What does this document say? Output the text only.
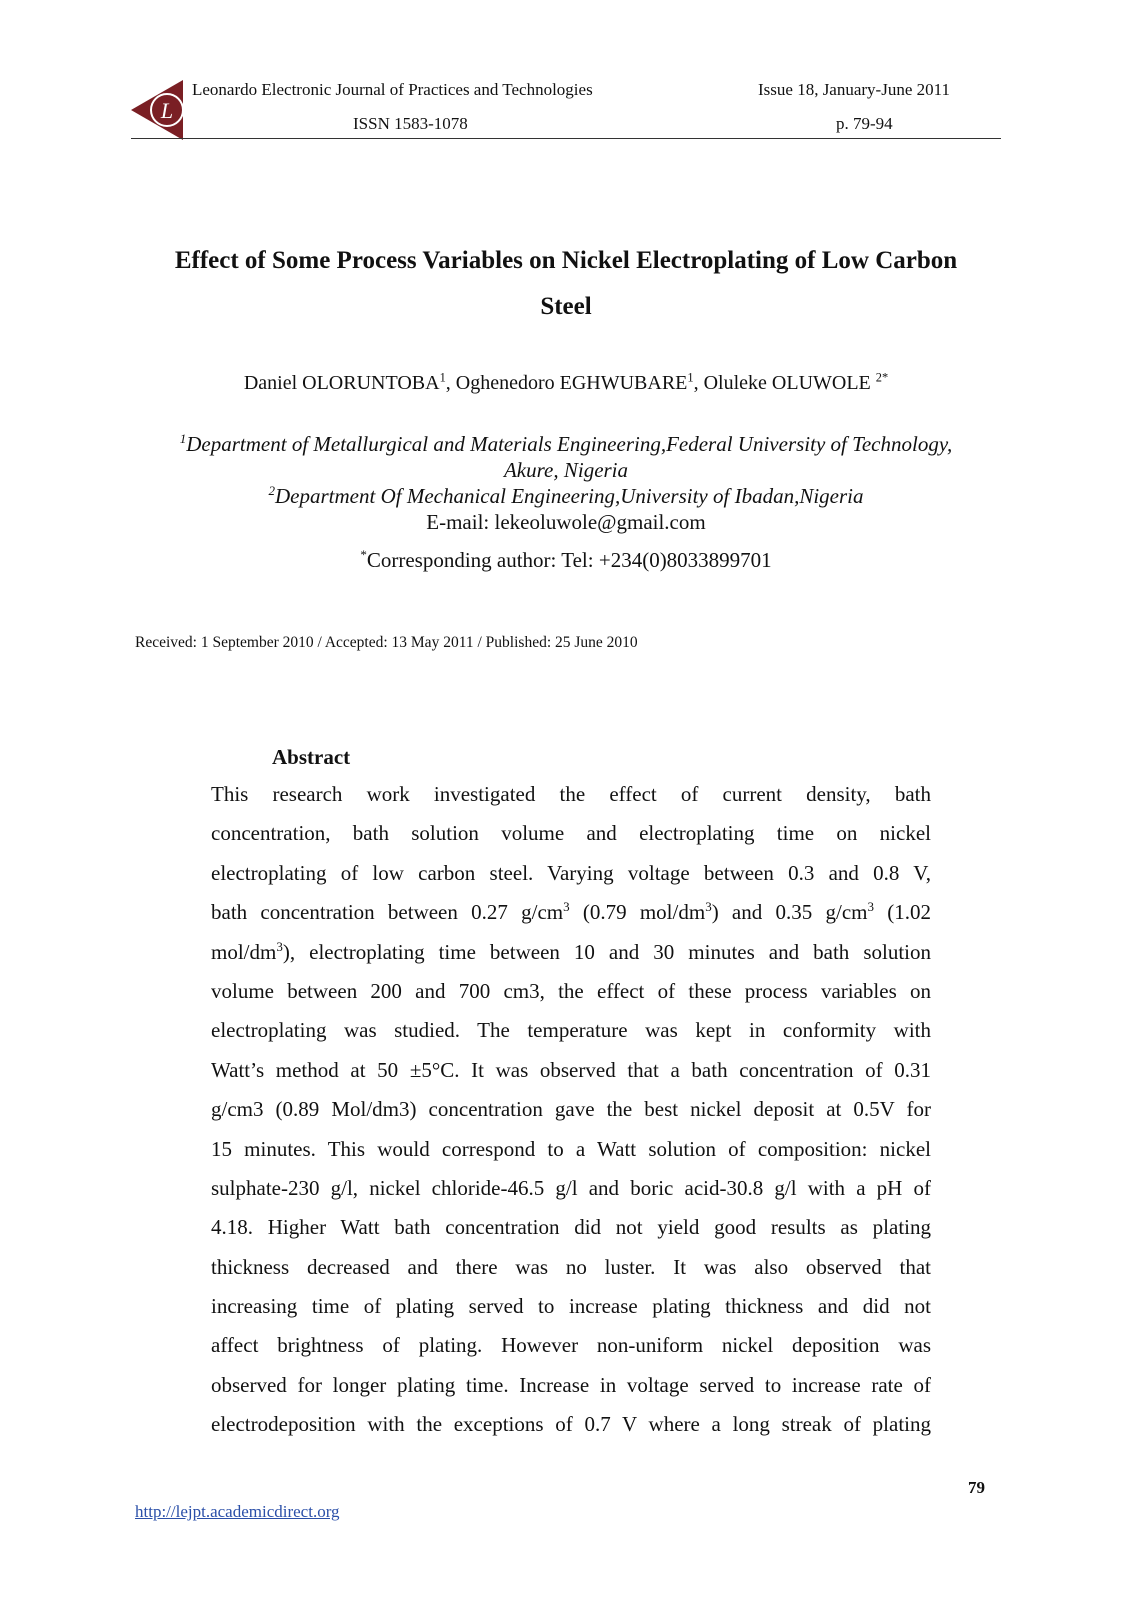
L
Leonardo Electronic Journal of Practices and Technologies	Issue 18, January-June 2011
ISSN 1583-1078	p. 79-94
Effect of Some Process Variables on Nickel Electroplating of Low Carbon
Steel
Daniel OLORUNTOBA$^1$, Oghenedoro EGHWUBARE$^1$, Oluleke OLUWOLE $^{2*}$
$^1$Department of Metallurgical and Materials Engineering,Federal University of Technology,
Akure, Nigeria
$^2$Department Of Mechanical Engineering,University of Ibadan,Nigeria
E-mail: lekeoluwole@gmail.com
*Corresponding author: Tel: +234(0)8033899701
Received: 1 September 2010 / Accepted: 13 May 2011 / Published: 25 June 2010
Abstract
This research work investigated the effect of current density, bath
concentration, bath solution volume and electroplating time on nickel
electroplating of low carbon steel. Varying voltage between 0.3 and 0.8 V,
bath concentration between 0.27 $g/cm^3$ (0.79 mol/$dm^3$) and 0.35 $g/cm^3$ (1.02
mol/$dm^3$), electroplating time between 10 and 30 minutes and bath solution
volume between 200 and 700 cm3, the effect of these process variables on
electroplating was studied. The temperature was kept in conformity with
Watt’s method at 50 ±5°C. It was observed that a bath concentration of 0.31
g/cm3 (0.89 Mol/dm3) concentration gave the best nickel deposit at 0.5V for
15 minutes. This would correspond to a Watt solution of composition: nickel
sulphate-230 g/l, nickel chloride-46.5 g/l and boric acid-30.8 g/l with a pH of
4.18. Higher Watt bath concentration did not yield good results as plating
thickness decreased and there was no luster. It was also observed that
increasing time of plating served to increase plating thickness and did not
affect brightness of plating. However non-uniform nickel deposition was
observed for longer plating time. Increase in voltage served to increase rate of
electrodeposition with the exceptions of 0.7 V where a long streak of plating
79
http://lejpt.academicdirect.org
